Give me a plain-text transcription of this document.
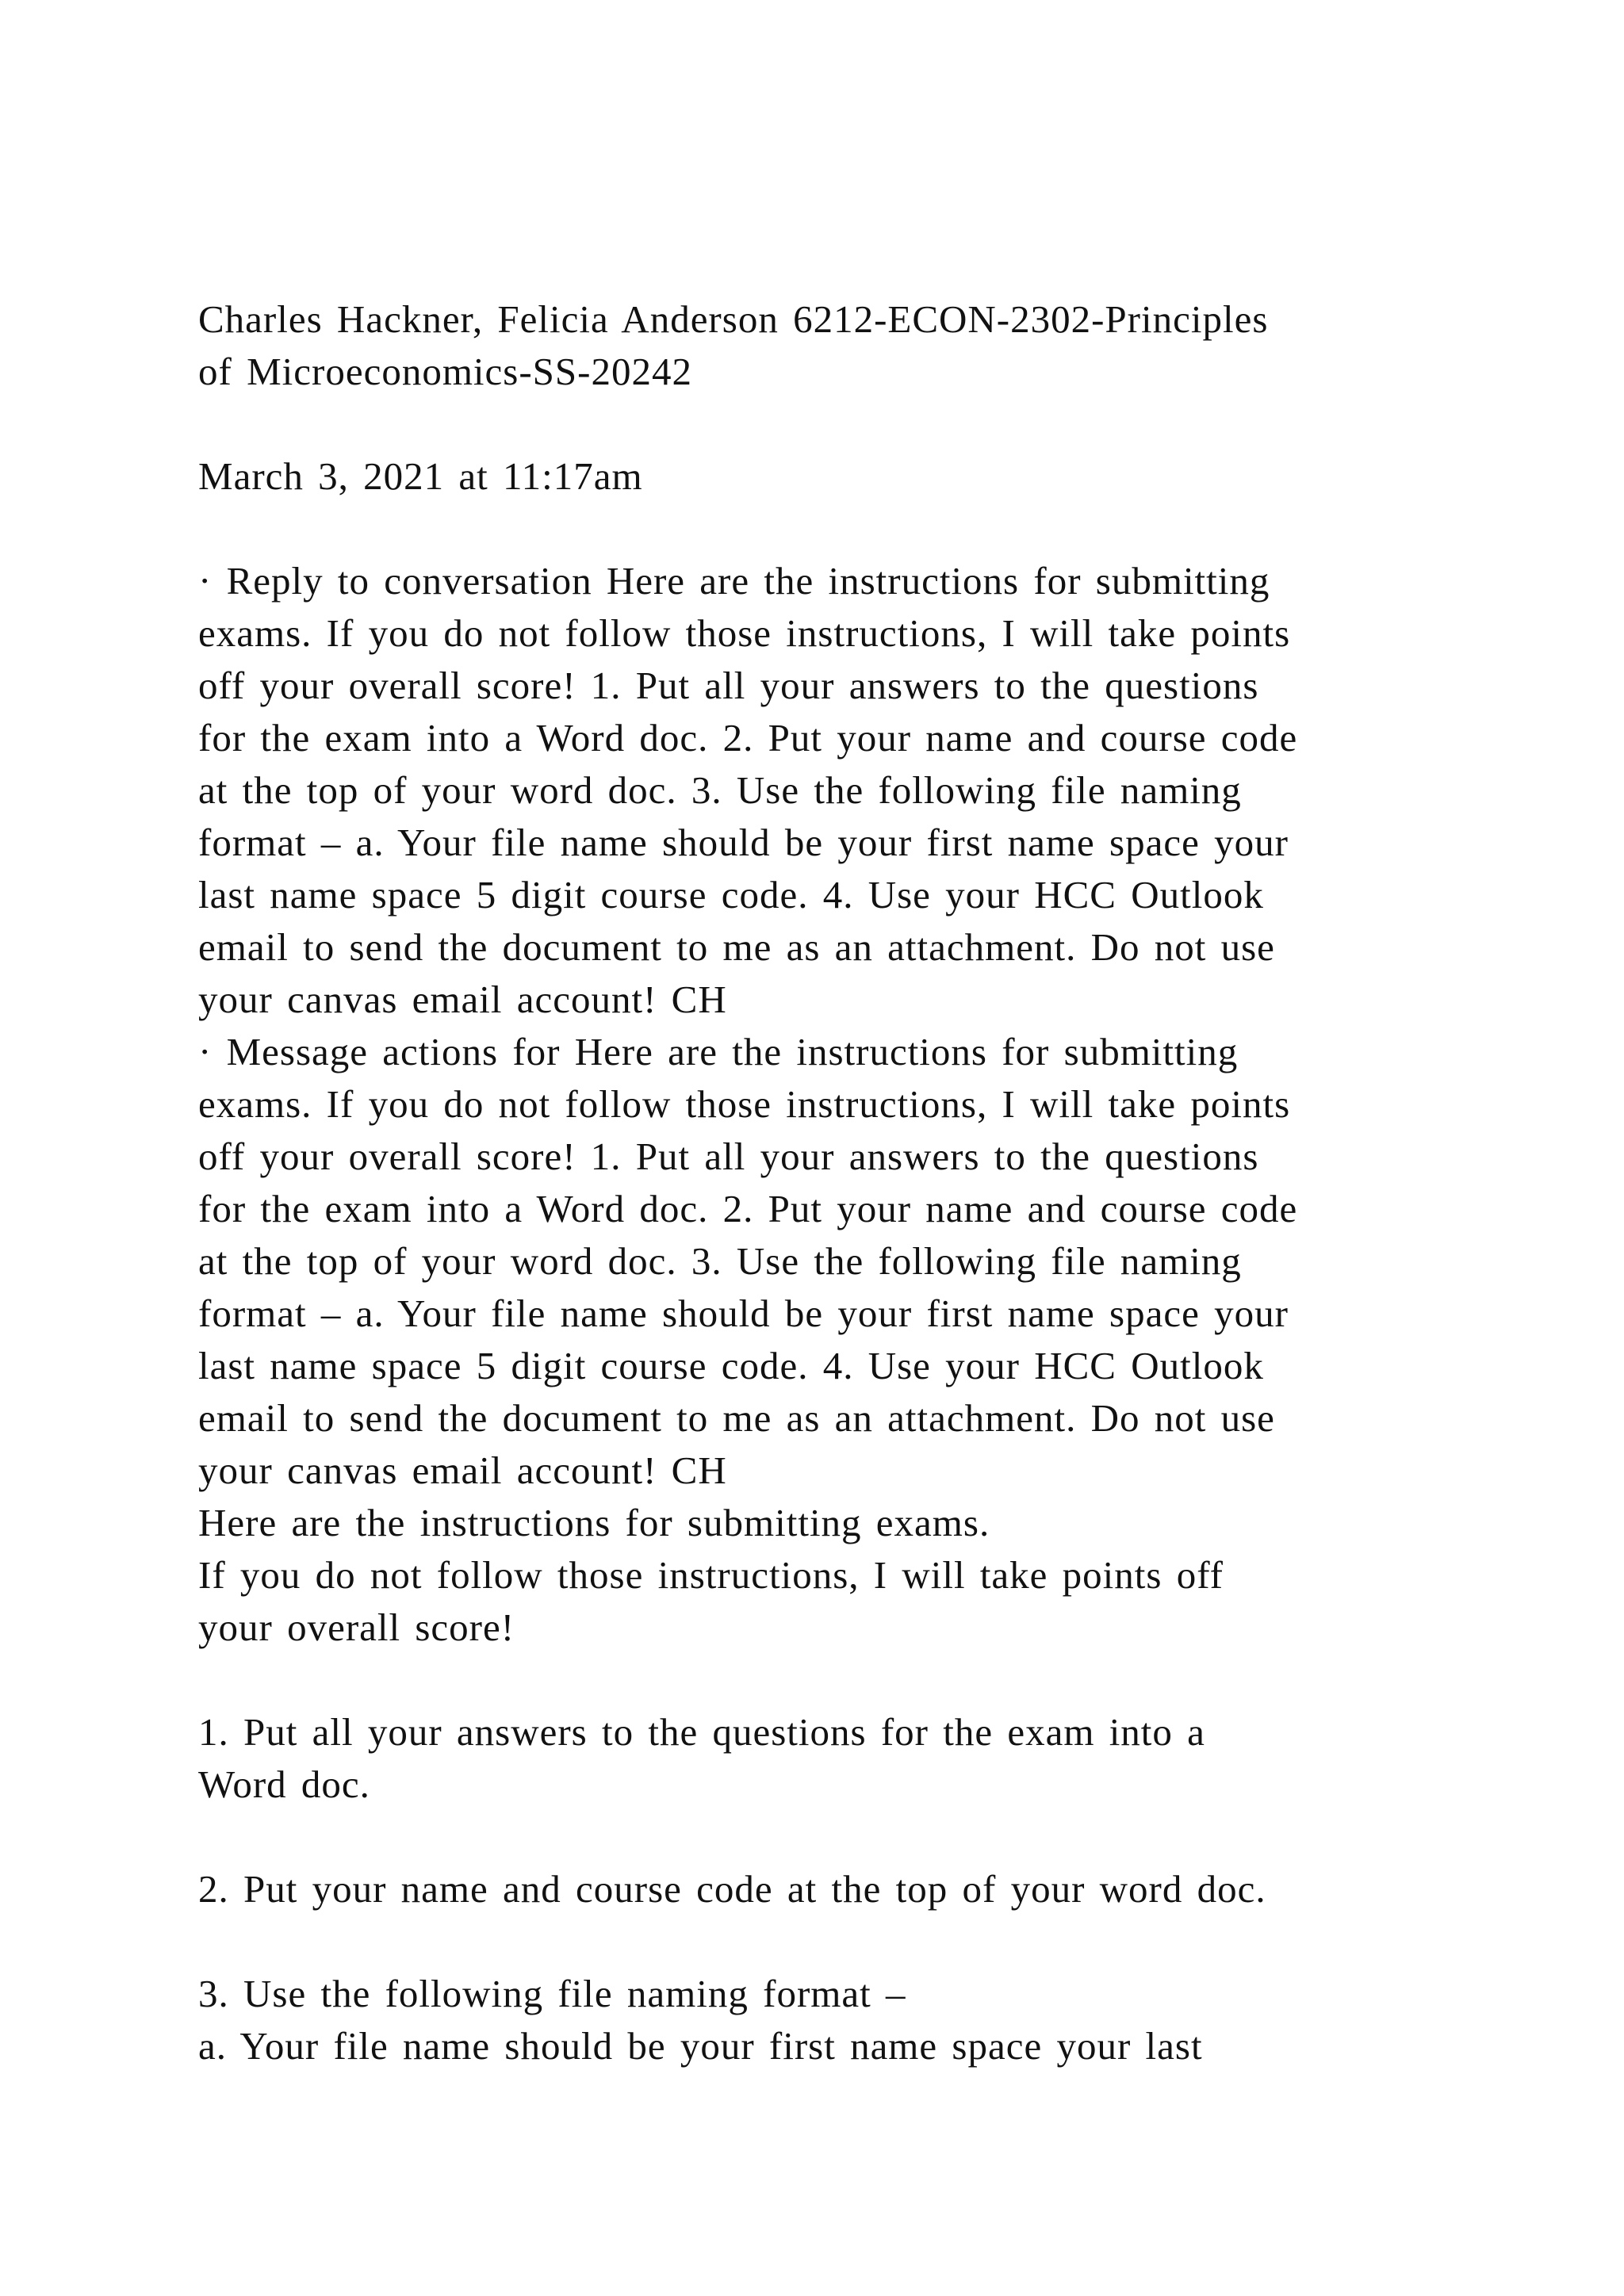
Charles Hackner, Felicia Anderson 6212-ECON-2302-Principles
of Microeconomics-SS-20242
March 3, 2021 at 11:17am
· Reply to conversation Here are the instructions for submitting
exams. If you do not follow those instructions, I will take points
off your overall score! 1. Put all your answers to the questions
for the exam into a Word doc. 2. Put your name and course code
at the top of your word doc. 3. Use the following file naming
format – a. Your file name should be your first name space your
last name space 5 digit course code. 4. Use your HCC Outlook
email to send the document to me as an attachment. Do not use
your canvas email account! CH
· Message actions for Here are the instructions for submitting
exams. If you do not follow those instructions, I will take points
off your overall score! 1. Put all your answers to the questions
for the exam into a Word doc. 2. Put your name and course code
at the top of your word doc. 3. Use the following file naming
format – a. Your file name should be your first name space your
last name space 5 digit course code. 4. Use your HCC Outlook
email to send the document to me as an attachment. Do not use
your canvas email account! CH
Here are the instructions for submitting exams.
If you do not follow those instructions, I will take points off
your overall score!
1. Put all your answers to the questions for the exam into a
Word doc.
2. Put your name and course code at the top of your word doc.
3. Use the following file naming format –
a. Your file name should be your first name space your last
